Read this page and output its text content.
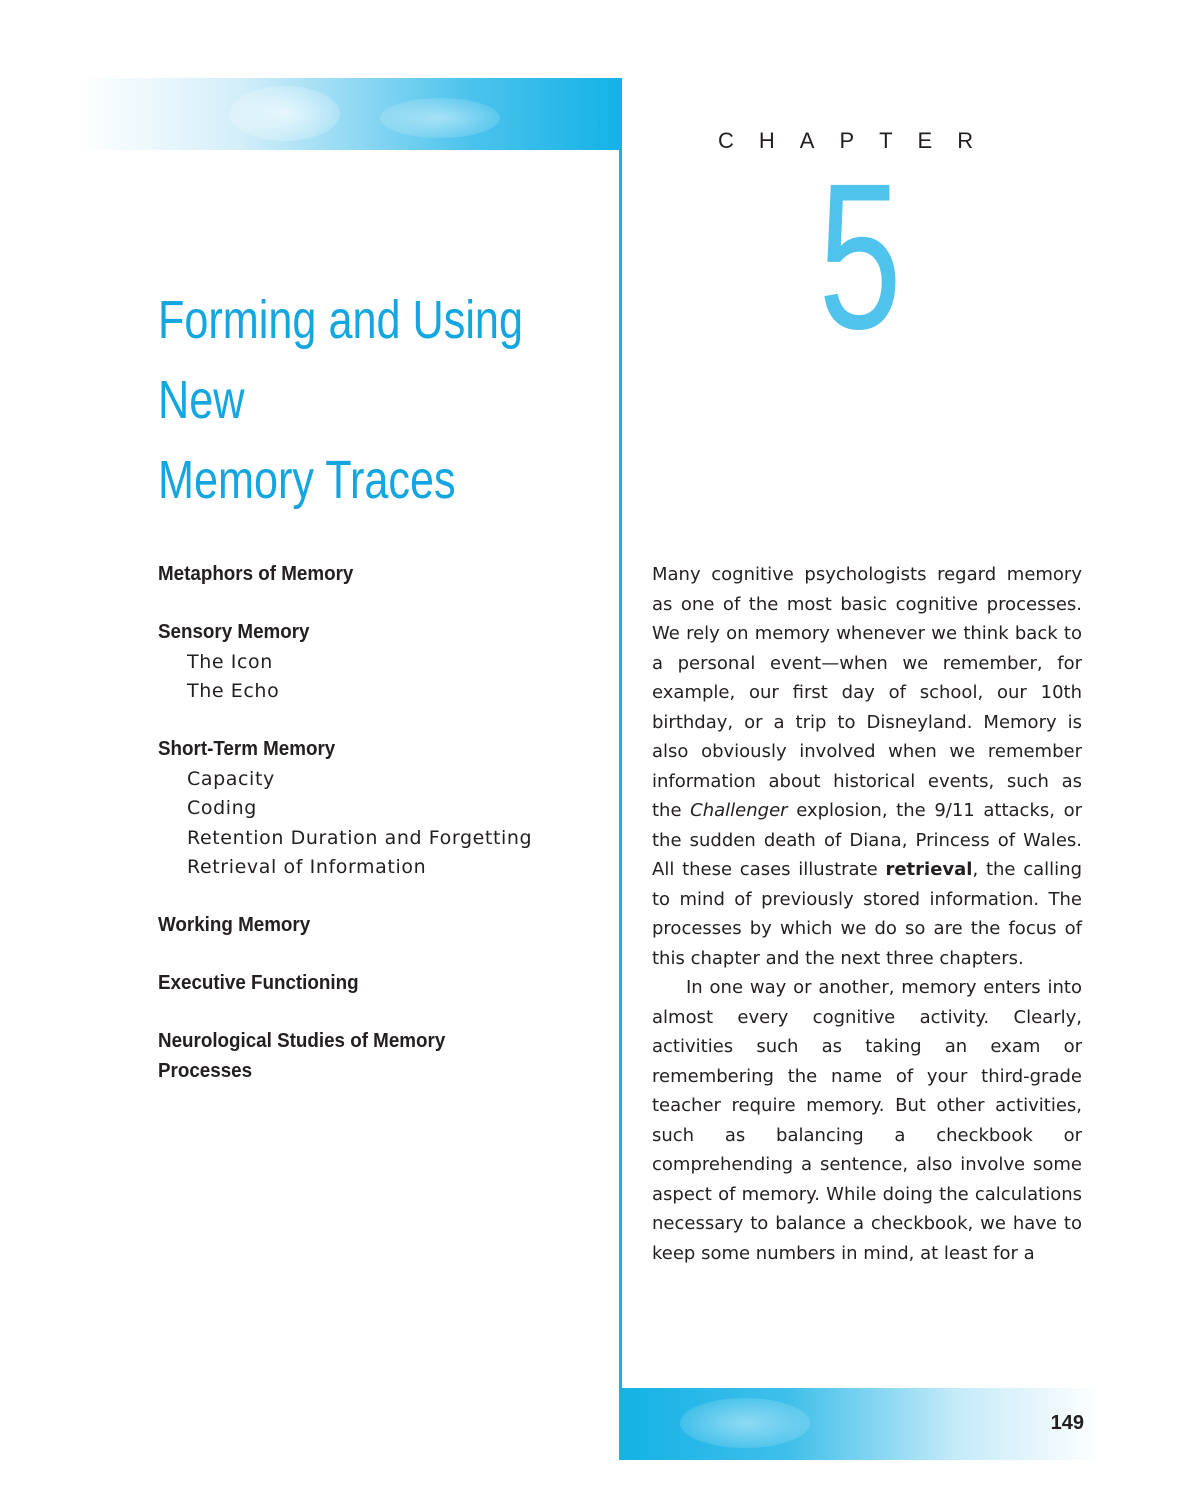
CHAPTER
5
Forming and Using New
Memory Traces
Metaphors of Memory
Sensory Memory
The Icon
The Echo
Short-Term Memory
Capacity
Coding
Retention Duration and Forgetting
Retrieval of Information
Working Memory
Executive Functioning
Neurological Studies of Memory
Processes

Many cognitive psychologists regard memory as one of the most basic cognitive processes. We rely on memory whenever we think back to a personal event—when we remember, for example, our first day of school, our 10th birthday, or a trip to Disneyland. Memory is also obviously involved when we remember information about historical events, such as the Challenger explosion, the 9/11 attacks, or the sudden death of Diana, Princess of Wales. All these cases illustrate retrieval, the calling to mind of previously stored information. The processes by which we do so are the focus of this chapter and the next three chapters.

In one way or another, memory enters into almost every cognitive activity. Clearly, activities such as taking an exam or remembering the name of your third-grade teacher require memory. But other activities, such as balancing a checkbook or comprehending a sentence, also involve some aspect of memory. While doing the calculations necessary to balance a checkbook, we have to keep some numbers in mind, at least for a

149
